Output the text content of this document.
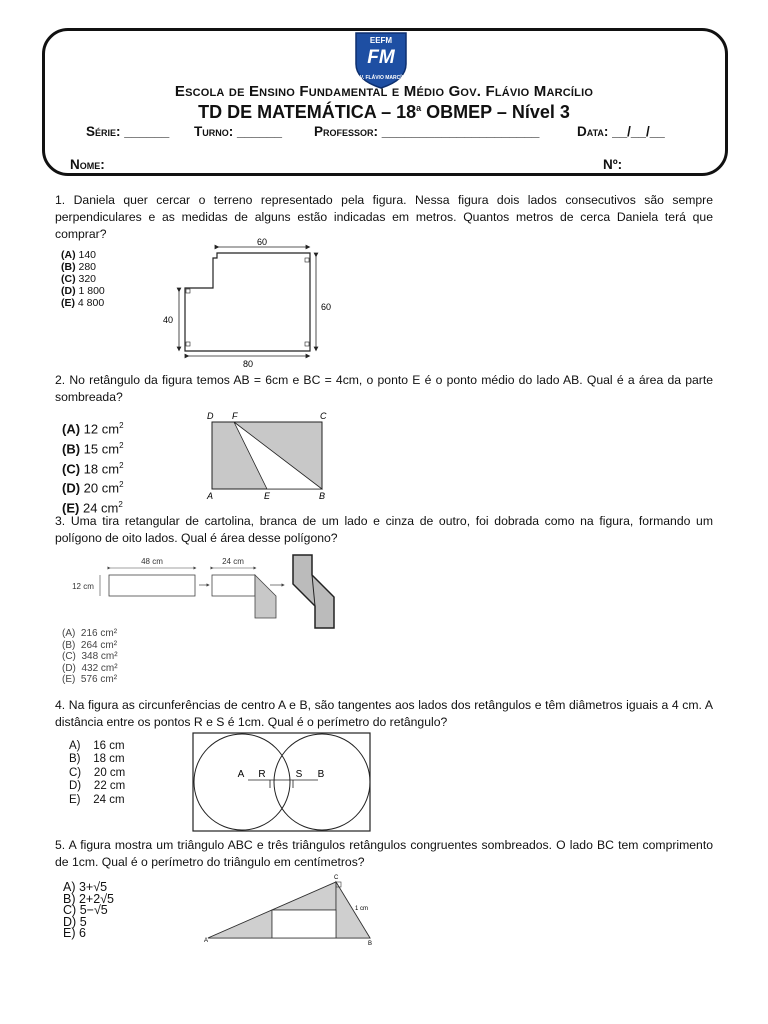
EEFM
FM
GOV. FLÁVIO MARCÍLIO
Escola de Ensino Fundamental e Médio Gov. Flávio Marcílio
TD DE MATEMÁTICA – 18$^a$ OBMEP – Nível 3
Série: ______ Turno: ______ Professor: _____________________	Data: __/__/__
Nome:	Nº:
1. Daniela quer cercar o terreno representado pela figura. Nessa figura dois lados consecutivos são sempre perpendiculares e as medidas de alguns estão indicadas em metros. Quantos metros de cerca Daniela terá que comprar?
(A) 140
(B) 280
(C) 320
(D) 1 800
(E) 4 800
60
60
40
80
2. No retângulo da figura temos AB = 6cm e BC = 4cm, o ponto E é o ponto médio do lado AB. Qual é a área da parte sombreada?
(A) 12 $cm^2$
(B) 15 $cm^2$
(C) 18 $cm^2$
(D) 20 $cm^2$
(E) 24 $cm^2$
D F	C
A	E	B
3. Uma tira retangular de cartolina, branca de um lado e cinza de outro, foi dobrada como na figura, formando um polígono de oito lados. Qual é área desse polígono?
48 cm
12 cm
24 cm
(A) 216 cm²
(B) 264 cm²
(C) 348 cm²
(D) 432 cm²
(E) 576 cm²
4. Na figura as circunferências de centro A e B, são tangentes aos lados dos retângulos e têm diâmetros iguais a 4 cm. A distância entre os pontos R e S é 1cm. Qual é o perímetro do retângulo?
A) 16 cm
B) 18 cm
C) 20 cm
D) 22 cm
E) 24 cm
A R	S B
5. A figura mostra um triângulo ABC e três triângulos retângulos congruentes sombreados. O lado BC tem comprimento de 1cm. Qual é o perímetro do triângulo em centímetros?
A) 3+√5
B) 2+2√5
C) 5−√5
D) 5
E) 6
A	B
C
1 cm
